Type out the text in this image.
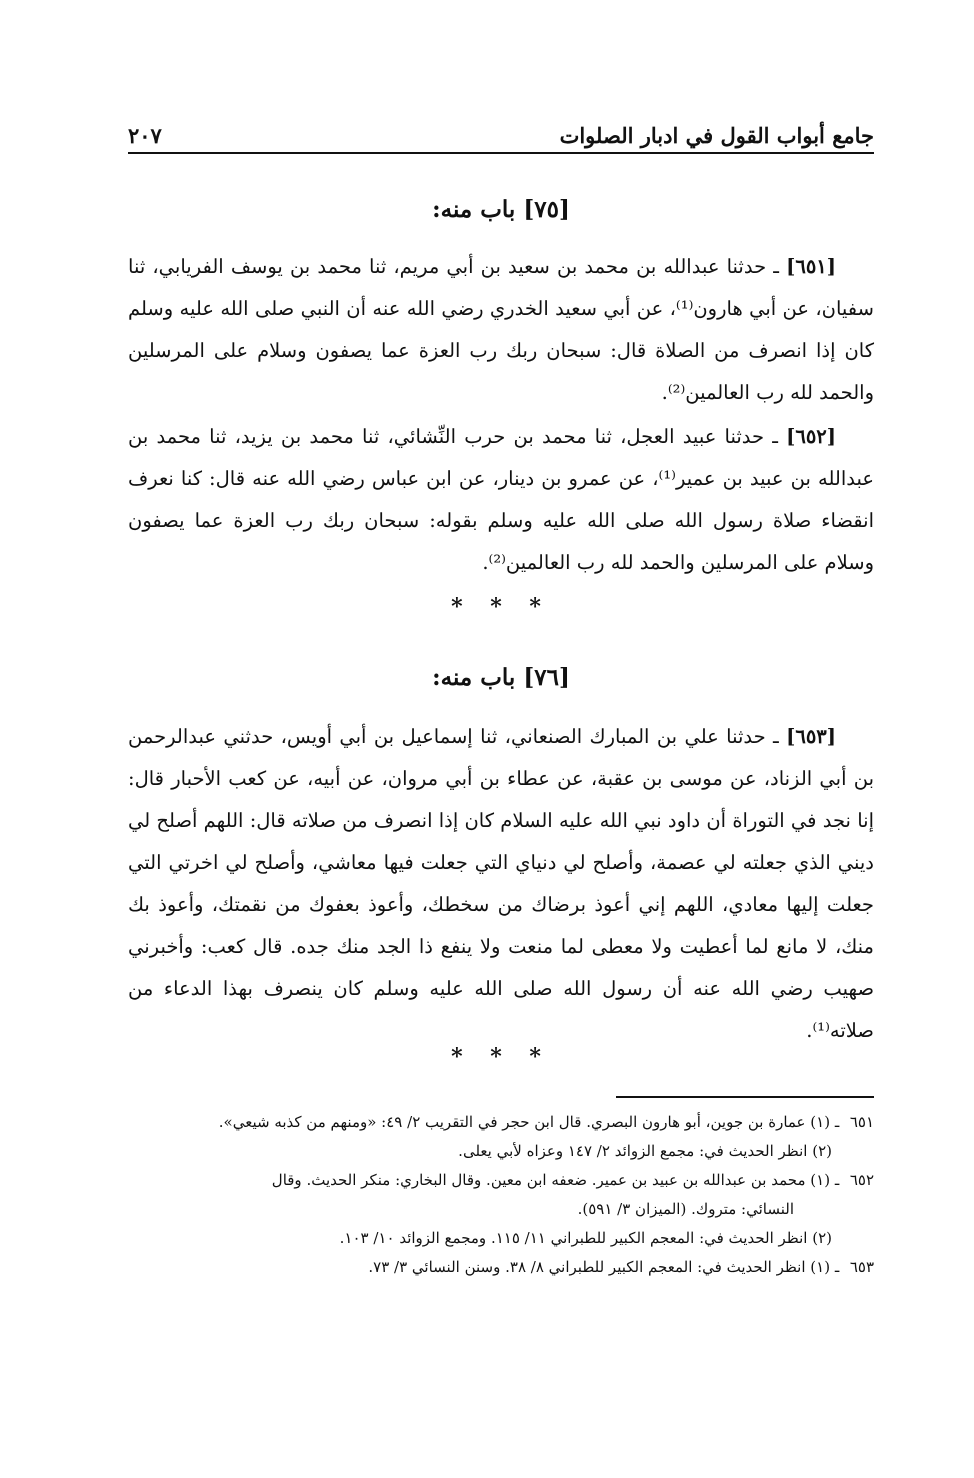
جامع أبواب القول في ادبار الصلوات
٢٠٧
[٧٥] باب منه:

[٦٥١] ـ حدثنا عبدالله بن محمد بن سعيد بن أبي مريم، ثنا محمد بن يوسف الفريابي، ثنا سفيان، عن أبي هارون⁽¹⁾، عن أبي سعيد الخدري رضي الله عنه أن النبي صلى الله عليه وسلم كان إذا انصرف من الصلاة قال: سبحان ربك رب العزة عما يصفون وسلام على المرسلين والحمد لله رب العالمين⁽²⁾.

[٦٥٢] ـ حدثنا عبيد العجل، ثنا محمد بن حرب النِّشائي، ثنا محمد بن يزيد، ثنا محمد بن عبدالله بن عبيد بن عمير⁽¹⁾، عن عمرو بن دينار، عن ابن عباس رضي الله عنه قال: كنا نعرف انقضاء صلاة رسول الله صلى الله عليه وسلم بقوله: سبحان ربك رب العزة عما يصفون وسلام على المرسلين والحمد لله رب العالمين⁽²⁾.

* * *
[٧٦] باب منه:

[٦٥٣] ـ حدثنا علي بن المبارك الصنعاني، ثنا إسماعيل بن أبي أويس، حدثني عبدالرحمن بن أبي الزناد، عن موسى بن عقبة، عن عطاء بن أبي مروان، عن أبيه، عن كعب الأحبار قال: إنا نجد في التوراة أن داود نبي الله عليه السلام كان إذا انصرف من صلاته قال: اللهم أصلح لي ديني الذي جعلته لي عصمة، وأصلح لي دنياي التي جعلت فيها معاشي، وأصلح لي اخرتي التي جعلت إليها معادي، اللهم إني أعوذ برضاك من سخطك، وأعوذ بعفوك من نقمتك، وأعوذ بك منك، لا مانع لما أعطيت ولا معطى لما منعت ولا ينفع ذا الجد منك جده. قال كعب: وأخبرني صهيب رضي الله عنه أن رسول الله صلى الله عليه وسلم كان ينصرف بهذا الدعاء من صلاته⁽¹⁾.

* * *

٦٥١ ـ (١) عمارة بن جوين، أبو هارون البصري. قال ابن حجر في التقريب ٢/ ٤٩: «ومنهم من كذبه شيعي».

(٢) انظر الحديث في: مجمع الزوائد ٢/ ١٤٧ وعزاه لأبي يعلى.

٦٥٢ ـ (١) محمد بن عبدالله بن عبيد بن عمير. ضعفه ابن معين. وقال البخاري: منكر الحديث. وقال

النسائي: متروك. (الميزان ٣/ ٥٩١).

(٢) انظر الحديث في: المعجم الكبير للطبراني ١١/ ١١٥. ومجمع الزوائد ١٠/ ١٠٣.

٦٥٣ ـ (١) انظر الحديث في: المعجم الكبير للطبراني ٨/ ٣٨. وسنن النسائي ٣/ ٧٣.
